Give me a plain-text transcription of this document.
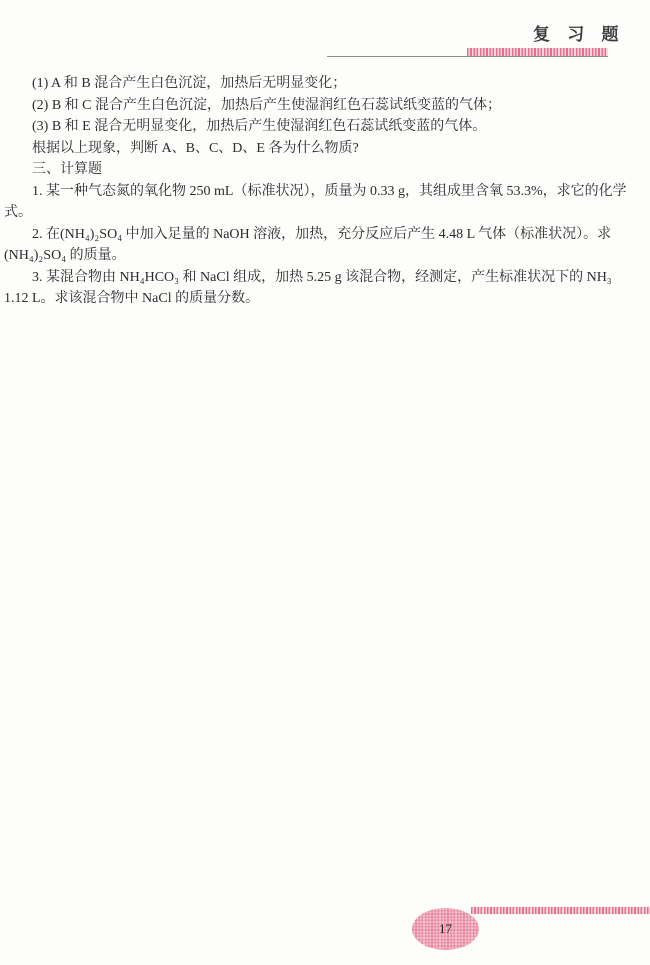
复 习 题
(1) A 和 B 混合产生白色沉淀，加热后无明显变化；
(2) B 和 C 混合产生白色沉淀，加热后产生使湿润红色石蕊试纸变蓝的气体；
(3) B 和 E 混合无明显变化，加热后产生使湿润红色石蕊试纸变蓝的气体。
根据以上现象，判断 A、B、C、D、E 各为什么物质?
三、计算题
1. 某一种气态氮的氧化物 250 mL（标准状况），质量为 0.33 g，其组成里含氧 53.3%，求它的化学
式。
2. 在(NH₄)₂SO₄ 中加入足量的 NaOH 溶液，加热，充分反应后产生 4.48 L 气体（标准状况）。求
(NH₄)₂SO₄ 的质量。
3. 某混合物由 NH₄HCO₃ 和 NaCl 组成，加热 5.25 g 该混合物，经测定，产生标准状况下的 NH₃
1.12 L。求该混合物中 NaCl 的质量分数。
17
